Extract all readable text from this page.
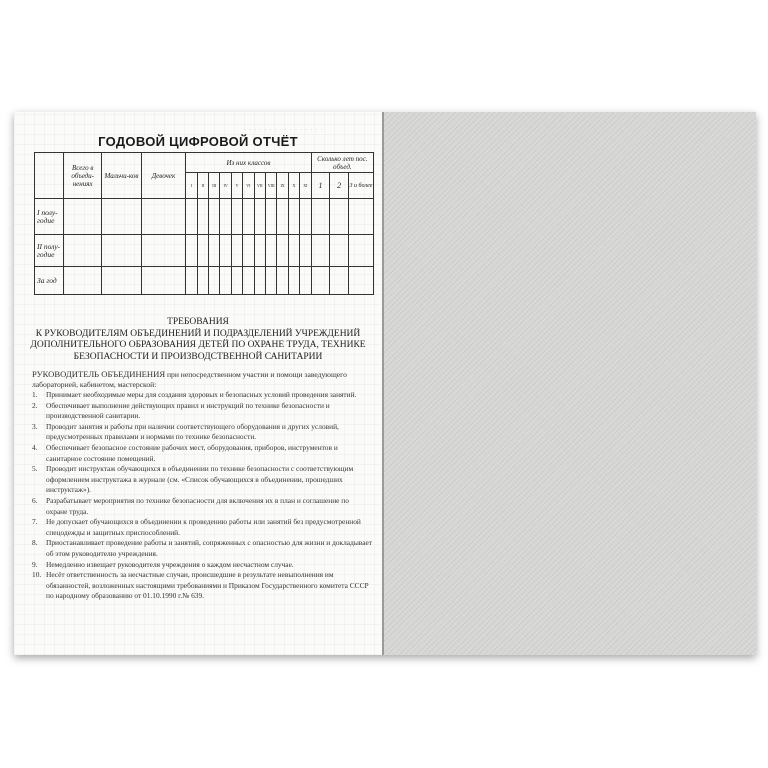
· · · · · · · · · · · · · · · ·
ГОДОВОЙ ЦИФРОВОЙ ОТЧЁТ
	Всего в объеди-нениях	Мальчи-ков	Девочек	Из них классов											Сколько лет пос. объед.		
				I	II	III	IV	V	VI	VII	VIII	IX	X	XI	1	2	3 и более
I полу-годие																	
II полу-годие																	
За год																	
ТРЕБОВАНИЯ
К РУКОВОДИТЕЛЯМ ОБЪЕДИНЕНИЙ И ПОДРАЗДЕЛЕНИЙ УЧРЕЖДЕНИЙ
ДОПОЛНИТЕЛЬНОГО ОБРАЗОВАНИЯ ДЕТЕЙ ПО ОХРАНЕ ТРУДА, ТЕХНИКЕ
БЕЗОПАСНОСТИ И ПРОИЗВОДСТВЕННОЙ САНИТАРИИ
РУКОВОДИТЕЛЬ ОБЪЕДИНЕНИЯ при непосредственном участии и помощи заведующего лабораторией, кабинетом, мастерской:
1.	Принимает необходимые меры для создания здоровых и безопасных условий проведения занятий.
2.	Обеспечивает выполнение действующих правил и инструкций по технике безопасности и производственной санитарии.
3.	Проводит занятия и работы при наличии соответствующего оборудования и других условий, предусмотренных правилами и нормами по технике безопасности.
4.	Обеспечивает безопасное состояние рабочих мест, оборудования, приборов, инструментов и санитарное состояние помещений.
5.	Проводит инструктаж обучающихся в объединении по технике безопасности с соответствующим оформлением инструктажа в журнале (см. «Список обучающихся в объединении, прошедших инструктаж»).
6.	Разрабатывает мероприятия по технике безопасности для включения их в план и соглашение по охране труда.
7.	Не допускает обучающихся в объединении к проведению работы или занятий без предусмотренной спецодежды и защитных приспособлений.
8.	Приостанавливает проведение работы и занятий, сопряженных с опасностью для жизни и докладывает об этом руководителю учреждения.
9.	Немедленно извещает руководителя учреждения о каждом несчастном случае.
10. Несёт ответственность за несчастные случаи, происшедшие в результате невыполнения им обязанностей, возложенных настоящими требованиями и Приказом Государственного комитета СССР по народному образованию от 01.10.1990 г.№ 639.
